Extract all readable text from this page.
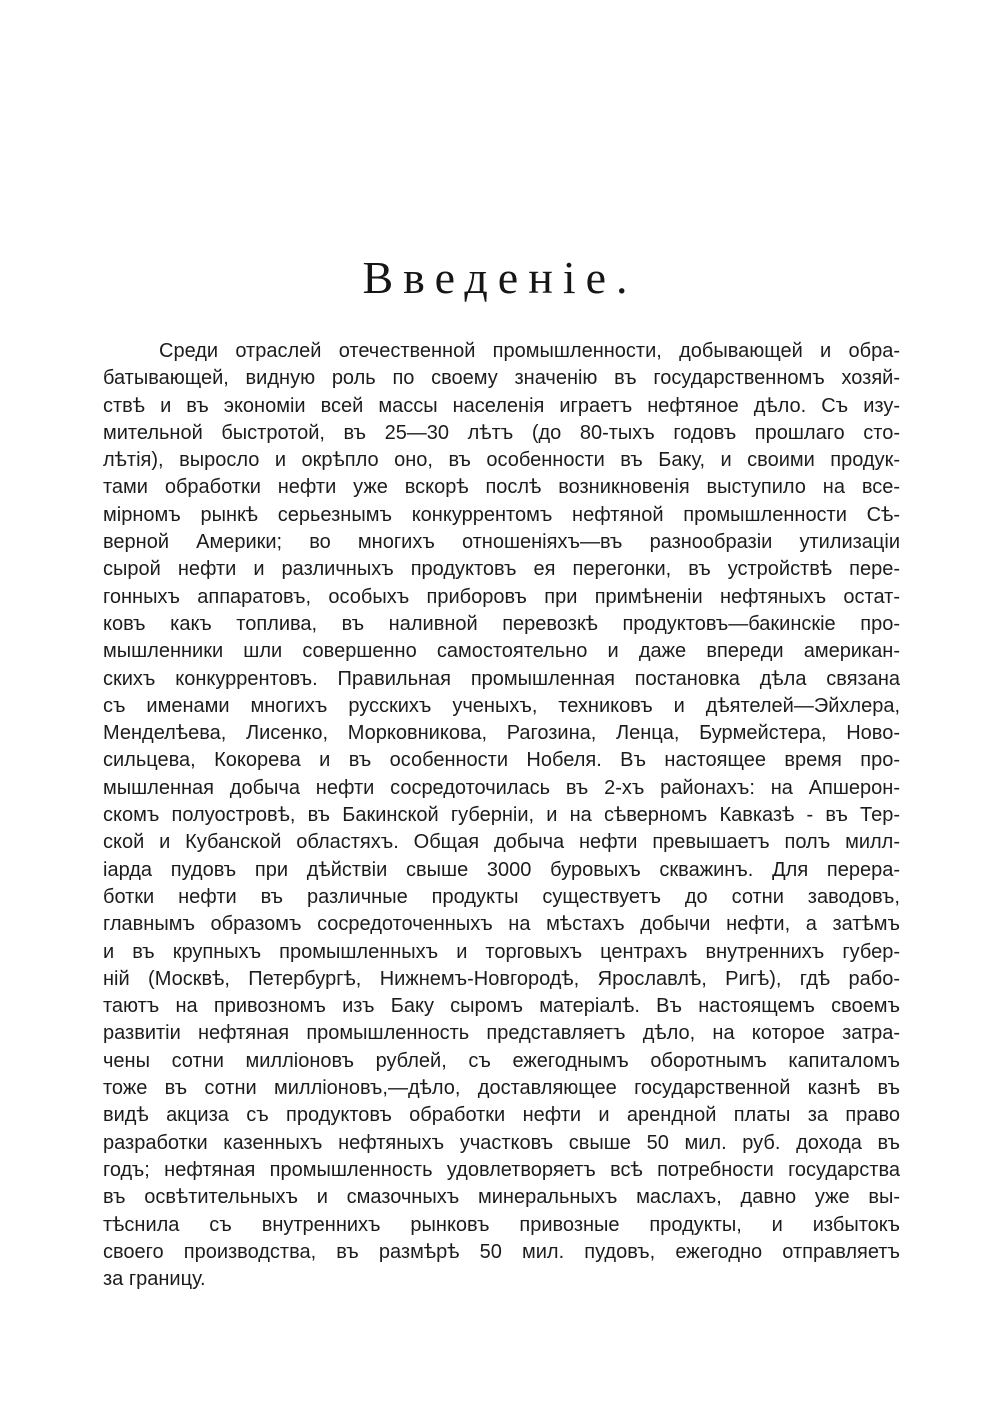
Введеніе.
Среди отраслей отечественной промышленности, добывающей и обра-
батывающей, видную роль по своему значенію въ государственномъ хозяй-
ствѣ и въ экономіи всей массы населенія играетъ нефтяное дѣло. Съ изу-
мительной быстротой, въ 25—30 лѣтъ (до 80-тыхъ годовъ прошлаго сто-
лѣтія), выросло и окрѣпло оно, въ особенности въ Баку, и своими продук-
тами обработки нефти уже вскорѣ послѣ возникновенія выступило на все-
мірномъ рынкѣ серьезнымъ конкуррентомъ нефтяной промышленности Сѣ-
верной Америки; во многихъ отношеніяхъ—въ разнообразіи утилизаціи
сырой нефти и различныхъ продуктовъ ея перегонки, въ устройствѣ пере-
гонныхъ аппаратовъ, особыхъ приборовъ при примѣненіи нефтяныхъ остат-
ковъ какъ топлива, въ наливной перевозкѣ продуктовъ—бакинскіе про-
мышленники шли совершенно самостоятельно и даже впереди американ-
скихъ конкуррентовъ. Правильная промышленная постановка дѣла связана
съ именами многихъ русскихъ ученыхъ, техниковъ и дѣятелей—Эйхлера,
Менделѣева, Лисенко, Морковникова, Рагозина, Ленца, Бурмейстера, Ново-
сильцева, Кокорева и въ особенности Нобеля. Въ настоящее время про-
мышленная добыча нефти сосредоточилась въ 2-хъ районахъ: на Апшерон-
скомъ полуостровѣ, въ Бакинской губерніи, и на сѣверномъ Кавказѣ - въ Тер-
ской и Кубанской областяхъ. Общая добыча нефти превышаетъ полъ милл-
іарда пудовъ при дѣйствіи свыше 3000 буровыхъ скважинъ. Для перера-
ботки нефти въ различные продукты существуетъ до сотни заводовъ,
главнымъ образомъ сосредоточенныхъ на мѣстахъ добычи нефти, а затѣмъ
и въ крупныхъ промышленныхъ и торговыхъ центрахъ внутреннихъ губер-
ній (Москвѣ, Петербургѣ, Нижнемъ-Новгородѣ, Ярославлѣ, Ригѣ), гдѣ рабо-
таютъ на привозномъ изъ Баку сыромъ матеріалѣ. Въ настоящемъ своемъ
развитіи нефтяная промышленность представляетъ дѣло, на которое затра-
чены сотни милліоновъ рублей, съ ежегоднымъ оборотнымъ капиталомъ
тоже въ сотни милліоновъ,—дѣло, доставляющее государственной казнѣ въ
видѣ акциза съ продуктовъ обработки нефти и арендной платы за право
разработки казенныхъ нефтяныхъ участковъ свыше 50 мил. руб. дохода въ
годъ; нефтяная промышленность удовлетворяетъ всѣ потребности государства
въ освѣтительныхъ и смазочныхъ минеральныхъ маслахъ, давно уже вы-
тѣснила съ внутреннихъ рынковъ привозные продукты, и избытокъ
своего производства, въ размѣрѣ 50 мил. пудовъ, ежегодно отправляетъ
за границу.
